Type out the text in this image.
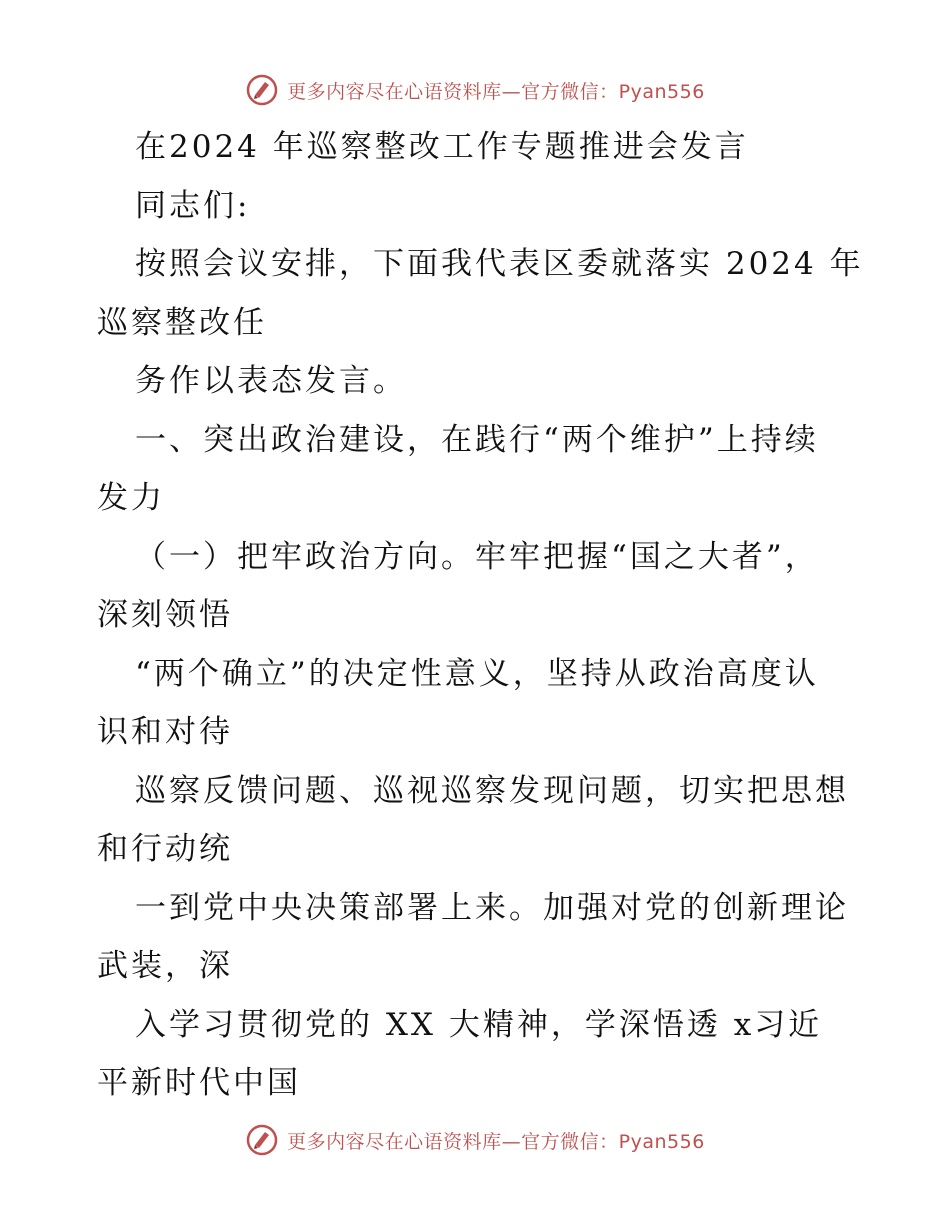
更多内容尽在心语资料库—官方微信：Pyan556
在2024 年巡察整改工作专题推进会发言
同志们:
按照会议安排，下面我代表区委就落实 2024 年
巡察整改任
务作以表态发言。
一、突出政治建设，在践行“两个维护”上持续
发力
（一）把牢政治方向。牢牢把握“国之大者”，
深刻领悟
“两个确立”的决定性意义，坚持从政治高度认
识和对待
巡察反馈问题、巡视巡察发现问题，切实把思想
和行动统
一到党中央决策部署上来。加强对党的创新理论
武装，深
入学习贯彻党的 XX 大精神，学深悟透 x习近
平新时代中国
更多内容尽在心语资料库—官方微信：Pyan556
